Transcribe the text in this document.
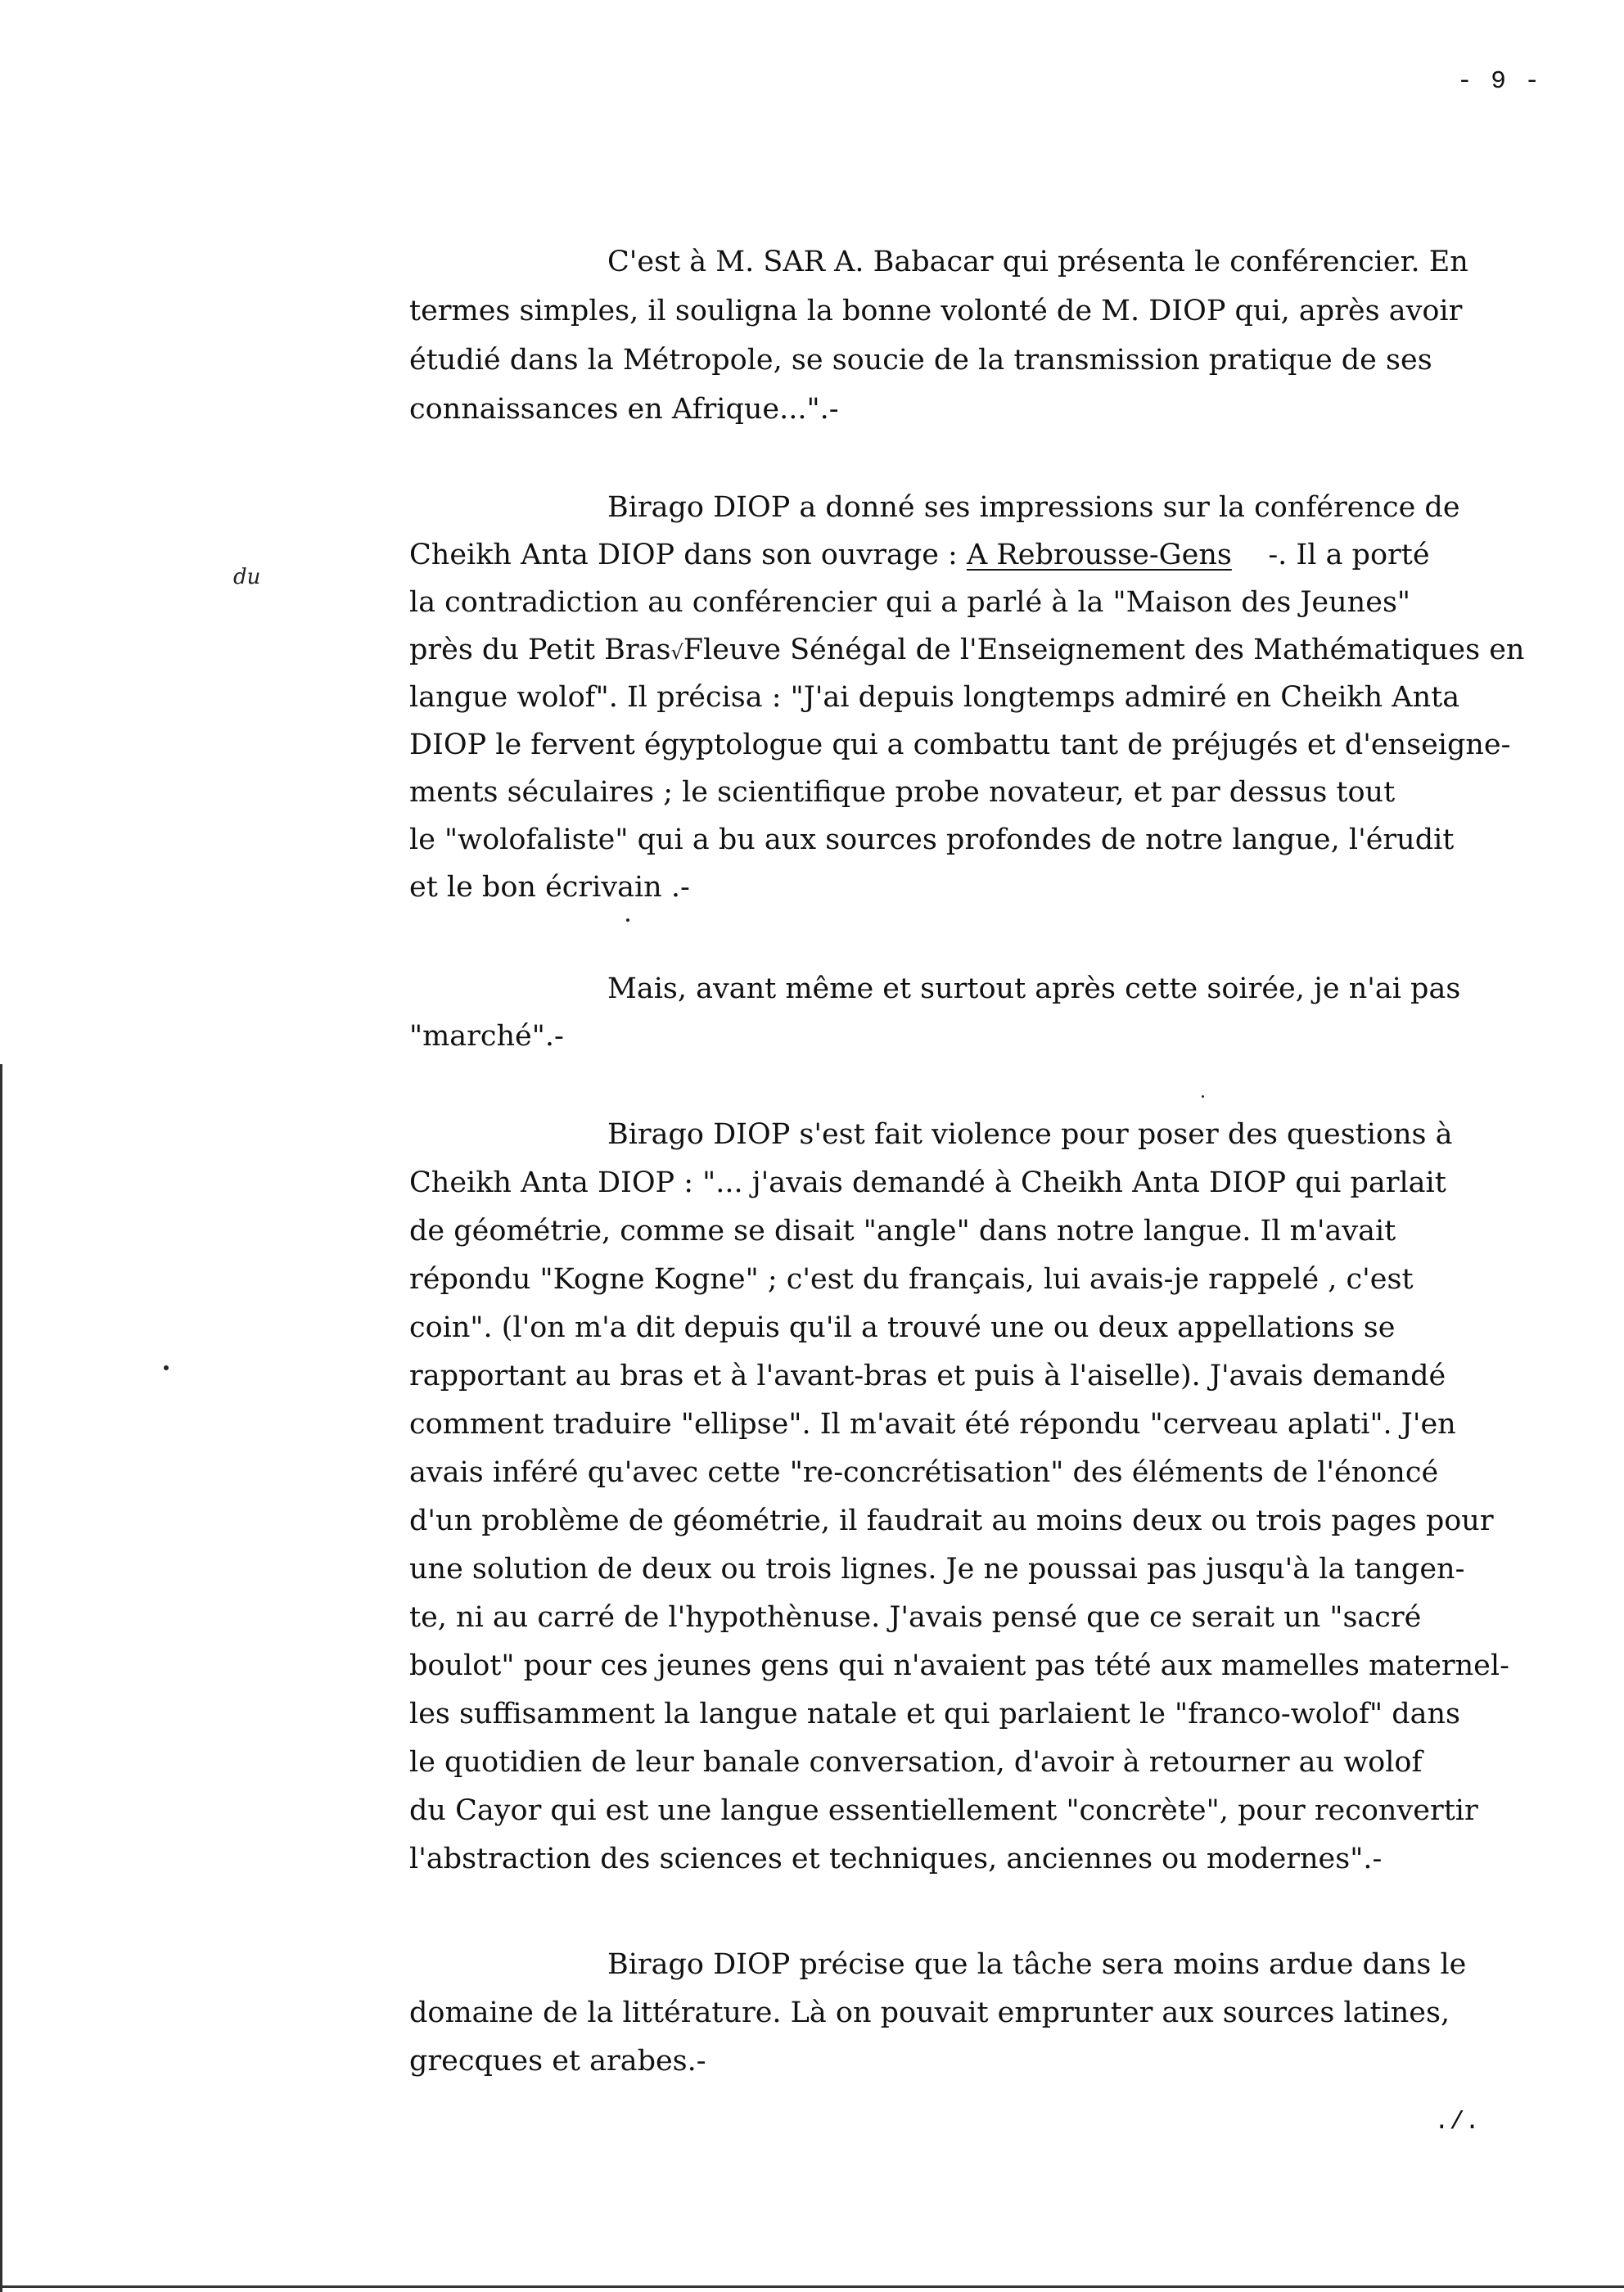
- 9 -
C'est à M. SAR A. Babacar qui présenta le conférencier. En
termes simples, il souligna la bonne volonté de M. DIOP qui, après avoir
étudié dans la Métropole, se soucie de la transmission pratique de ses
connaissances en Afrique...".-
Birago DIOP a donné ses impressions sur la conférence de
Cheikh Anta DIOP dans son ouvrage : A Rebrousse-Gens    -. Il a porté
la contradiction au conférencier qui a parlé à la "Maison des Jeunes"
près du Petit Bras√Fleuve Sénégal de l'Enseignement des Mathématiques en
langue wolof". Il précisa : "J'ai depuis longtemps admiré en Cheikh Anta
DIOP le fervent égyptologue qui a combattu tant de préjugés et d'enseigne-
ments séculaires ; le scientifique probe novateur, et par dessus tout
le "wolofaliste" qui a bu aux sources profondes de notre langue, l'érudit
et le bon écrivain .-
du
Mais, avant même et surtout après cette soirée, je n'ai pas
"marché".-
Birago DIOP s'est fait violence pour poser des questions à
Cheikh Anta DIOP : "... j'avais demandé à Cheikh Anta DIOP qui parlait
de géométrie, comme se disait "angle" dans notre langue. Il m'avait
répondu "Kogne Kogne" ; c'est du français, lui avais-je rappelé , c'est
coin". (l'on m'a dit depuis qu'il a trouvé une ou deux appellations se
rapportant au bras et à l'avant-bras et puis à l'aiselle). J'avais demandé
comment traduire "ellipse". Il m'avait été répondu "cerveau aplati". J'en
avais inféré qu'avec cette "re-concrétisation" des éléments de l'énoncé
d'un problème de géométrie, il faudrait au moins deux ou trois pages pour
une solution de deux ou trois lignes. Je ne poussai pas jusqu'à la tangen-
te, ni au carré de l'hypothènuse. J'avais pensé que ce serait un "sacré
boulot" pour ces jeunes gens qui n'avaient pas tété aux mamelles maternel-
les suffisamment la langue natale et qui parlaient le "franco-wolof" dans
le quotidien de leur banale conversation, d'avoir à retourner au wolof
du Cayor qui est une langue essentiellement "concrète", pour reconvertir
l'abstraction des sciences et techniques, anciennes ou modernes".-
Birago DIOP précise que la tâche sera moins ardue dans le
domaine de la littérature. Là on pouvait emprunter aux sources latines,
grecques et arabes.-
./.
